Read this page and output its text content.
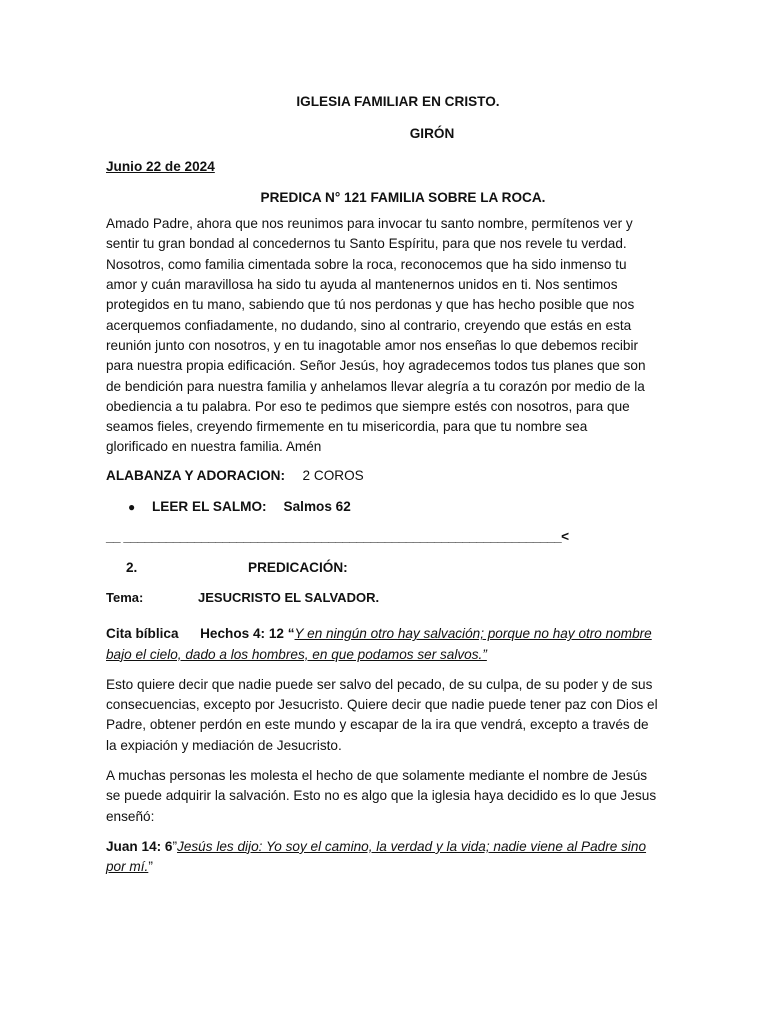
IGLESIA FAMILIAR EN CRISTO.
GIRÓN
Junio 22 de 2024
PREDICA N° 121 FAMILIA SOBRE LA ROCA.
Amado Padre, ahora que nos reunimos para invocar tu santo nombre, permítenos ver y
sentir tu gran bondad al concedernos tu Santo Espíritu, para que nos revele tu verdad.
Nosotros, como familia cimentada sobre la roca, reconocemos que ha sido inmenso tu
amor y cuán maravillosa ha sido tu ayuda al mantenernos unidos en ti. Nos sentimos
protegidos en tu mano, sabiendo que tú nos perdonas y que has hecho posible que nos
acerquemos confiadamente, no dudando, sino al contrario, creyendo que estás en esta
reunión junto con nosotros, y en tu inagotable amor nos enseñas lo que debemos recibir
para nuestra propia edificación. Señor Jesús, hoy agradecemos todos tus planes que son
de bendición para nuestra familia y anhelamos llevar alegría a tu corazón por medio de la
obediencia a tu palabra. Por eso te pedimos que siempre estés con nosotros, para que
seamos fieles, creyendo firmemente en tu misericordia, para que tu nombre sea
glorificado en nuestra familia. Amén
ALABANZA Y ADORACION: 2 COROS
●	LEER EL SALMO: Salmos 62
__ ______________________________________________________________<
2.	PREDICACIÓN:
Tema:	JESUCRISTO EL SALVADOR.
Cita bíblica Hechos 4: 12 “Y en ningún otro hay salvación; porque no hay otro nombre
bajo el cielo, dado a los hombres, en que podamos ser salvos.”
Esto quiere decir que nadie puede ser salvo del pecado, de su culpa, de su poder y de sus
consecuencias, excepto por Jesucristo. Quiere decir que nadie puede tener paz con Dios el
Padre, obtener perdón en este mundo y escapar de la ira que vendrá, excepto a través de
la expiación y mediación de Jesucristo.
A muchas personas les molesta el hecho de que solamente mediante el nombre de Jesús
se puede adquirir la salvación. Esto no es algo que la iglesia haya decidido es lo que Jesus
enseñó:
Juan 14: 6”Jesús les dijo: Yo soy el camino, la verdad y la vida; nadie viene al Padre sino
por mí.”
